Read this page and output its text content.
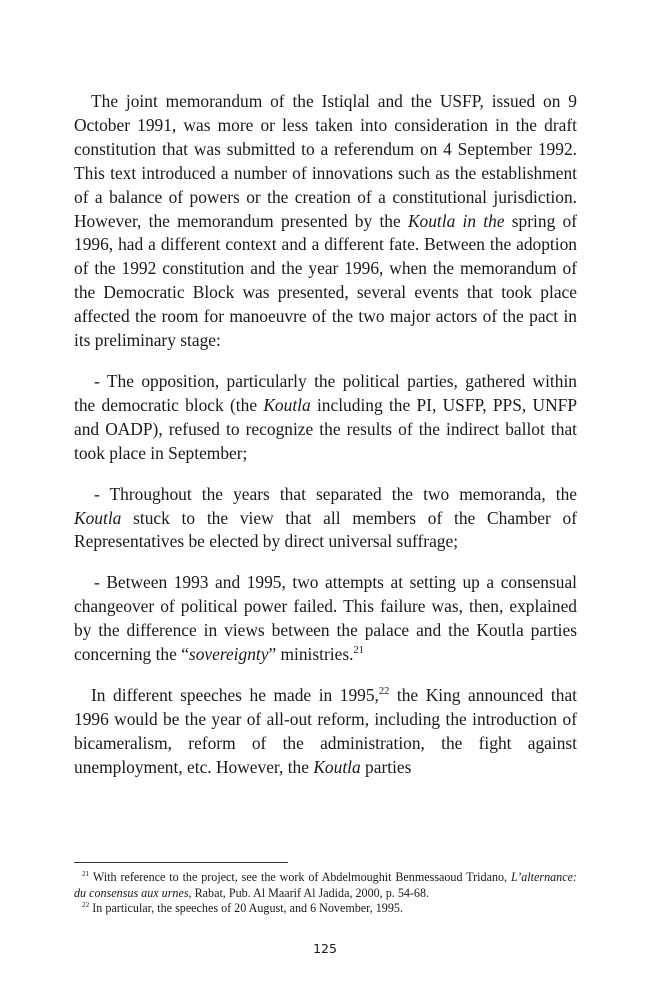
The joint memorandum of the Istiqlal and the USFP, issued on 9 October 1991, was more or less taken into consideration in the draft constitution that was submitted to a referendum on 4 September 1992. This text introduced a number of innovations such as the establishment of a balance of powers or the creation of a constitutional jurisdiction. However, the memorandum presented by the Koutla in the spring of 1996, had a different context and a different fate. Between the adoption of the 1992 constitution and the year 1996, when the memorandum of the Democratic Block was presented, several events that took place affected the room for manoeuvre of the two major actors of the pact in its preliminary stage:

- The opposition, particularly the political parties, gathered within the democratic block (the Koutla including the PI, USFP, PPS, UNFP and OADP), refused to recognize the results of the indirect ballot that took place in September;

- Throughout the years that separated the two memoranda, the Koutla stuck to the view that all members of the Chamber of Representatives be elected by direct universal suffrage;

- Between 1993 and 1995, two attempts at setting up a consensual changeover of political power failed. This failure was, then, explained by the difference in views between the palace and the Koutla parties concerning the “sovereignty” ministries.$^{21}$

In different speeches he made in 1995,22 the King announced that 1996 would be the year of all-out reform, including the introduction of bicameralism, reform of the administration, the fight against unemployment, etc. However, the Koutla parties

$^{21}$ With reference to the project, see the work of Abdelmoughit Benmessaoud Tridano, L’alternance: du consensus aux urnes, Rabat, Pub. Al Maarif Al Jadida, 2000, p. 54-68.

$^{22}$ In particular, the speeches of 20 August, and 6 November, 1995.

125
